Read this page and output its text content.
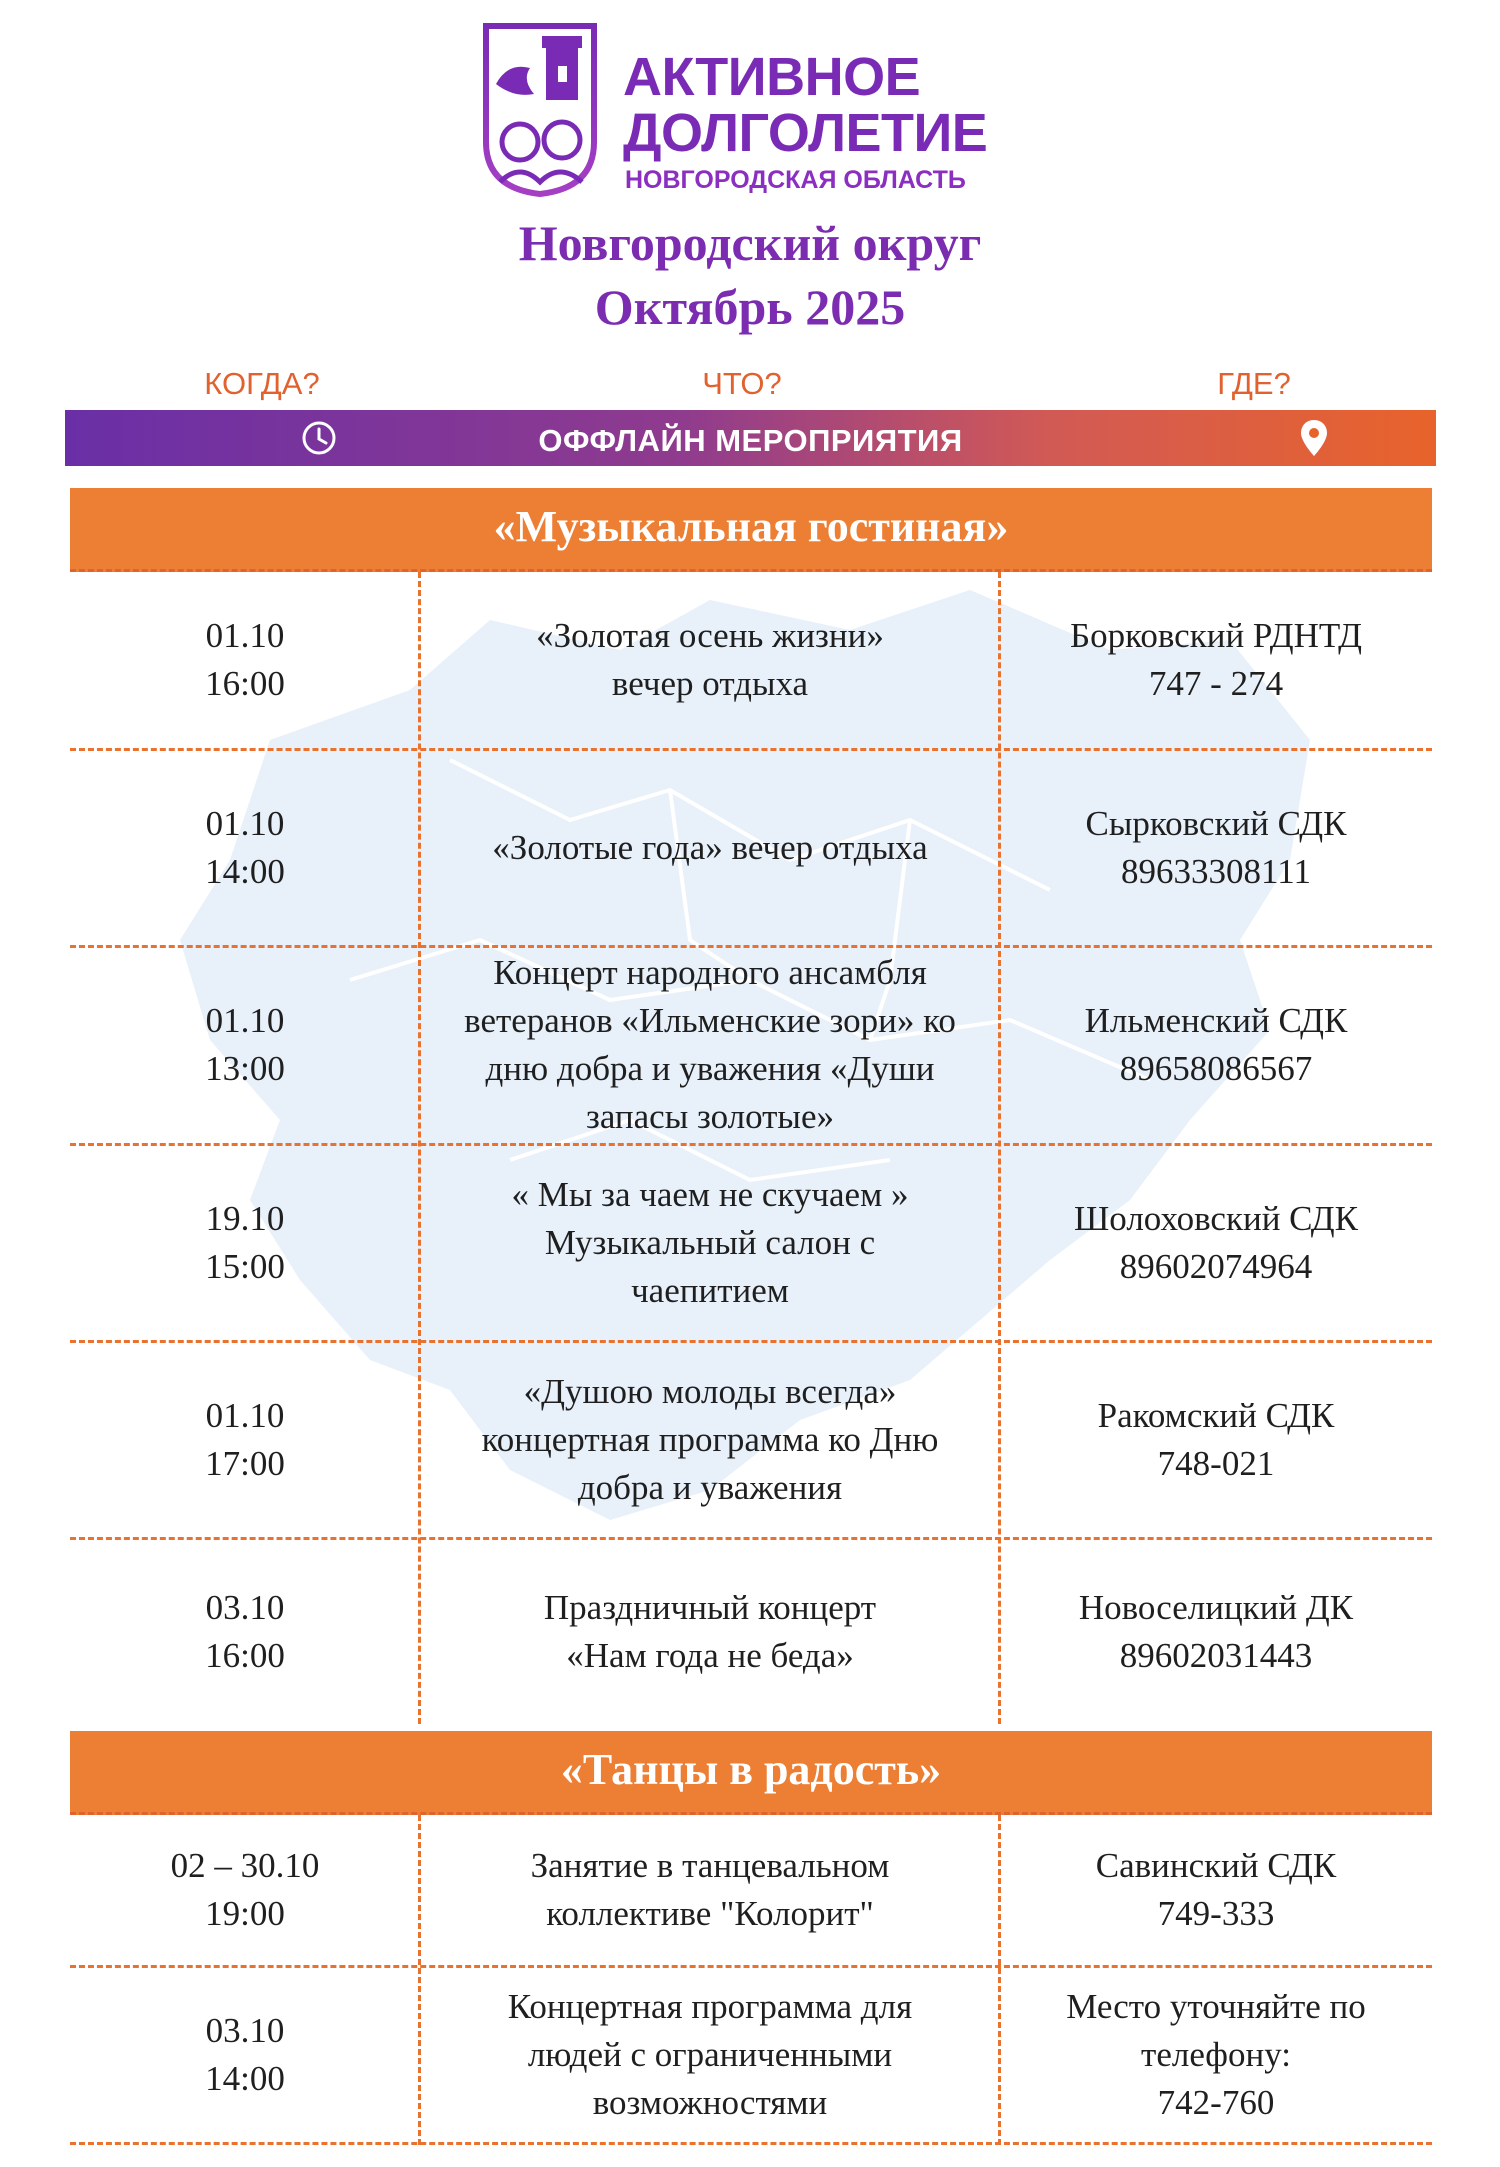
АКТИВНОЕ
ДОЛГОЛЕТИЕ
НОВГОРОДСКАЯ ОБЛАСТЬ
Новгородский округ
Октябрь 2025
КОГДА?	ЧТО?	ГДЕ?
ОФФЛАЙН МЕРОПРИЯТИЯ
«Музыкальная гостиная»
01.10
16:00
«Золотая осень жизни»
вечер отдыха
Борковский РДНТД
747 - 274
01.10
14:00
«Золотые года» вечер отдыха
Сырковский СДК
89633308111
01.10
13:00
Концерт народного ансамбля
ветеранов «Ильменские зори» ко
дню добра и уважения «Души
запасы золотые»
Ильменский СДК
89658086567
19.10
15:00
« Мы за чаем не скучаем »
Музыкальный салон с
чаепитием
Шолоховский СДК
89602074964
01.10
17:00
«Душою молоды всегда»
концертная программа ко Дню
добра и уважения
Ракомский СДК
748-021
03.10
16:00
Праздничный концерт
«Нам года не беда»
Новоселицкий ДК
89602031443
«Танцы в радость»
02 – 30.10
19:00
Занятие в танцевальном
коллективе "Колорит"
Савинский СДК
749-333
03.10
14:00
Концертная программа для
людей с ограниченными
возможностями
Место уточняйте по
телефону:
742-760
